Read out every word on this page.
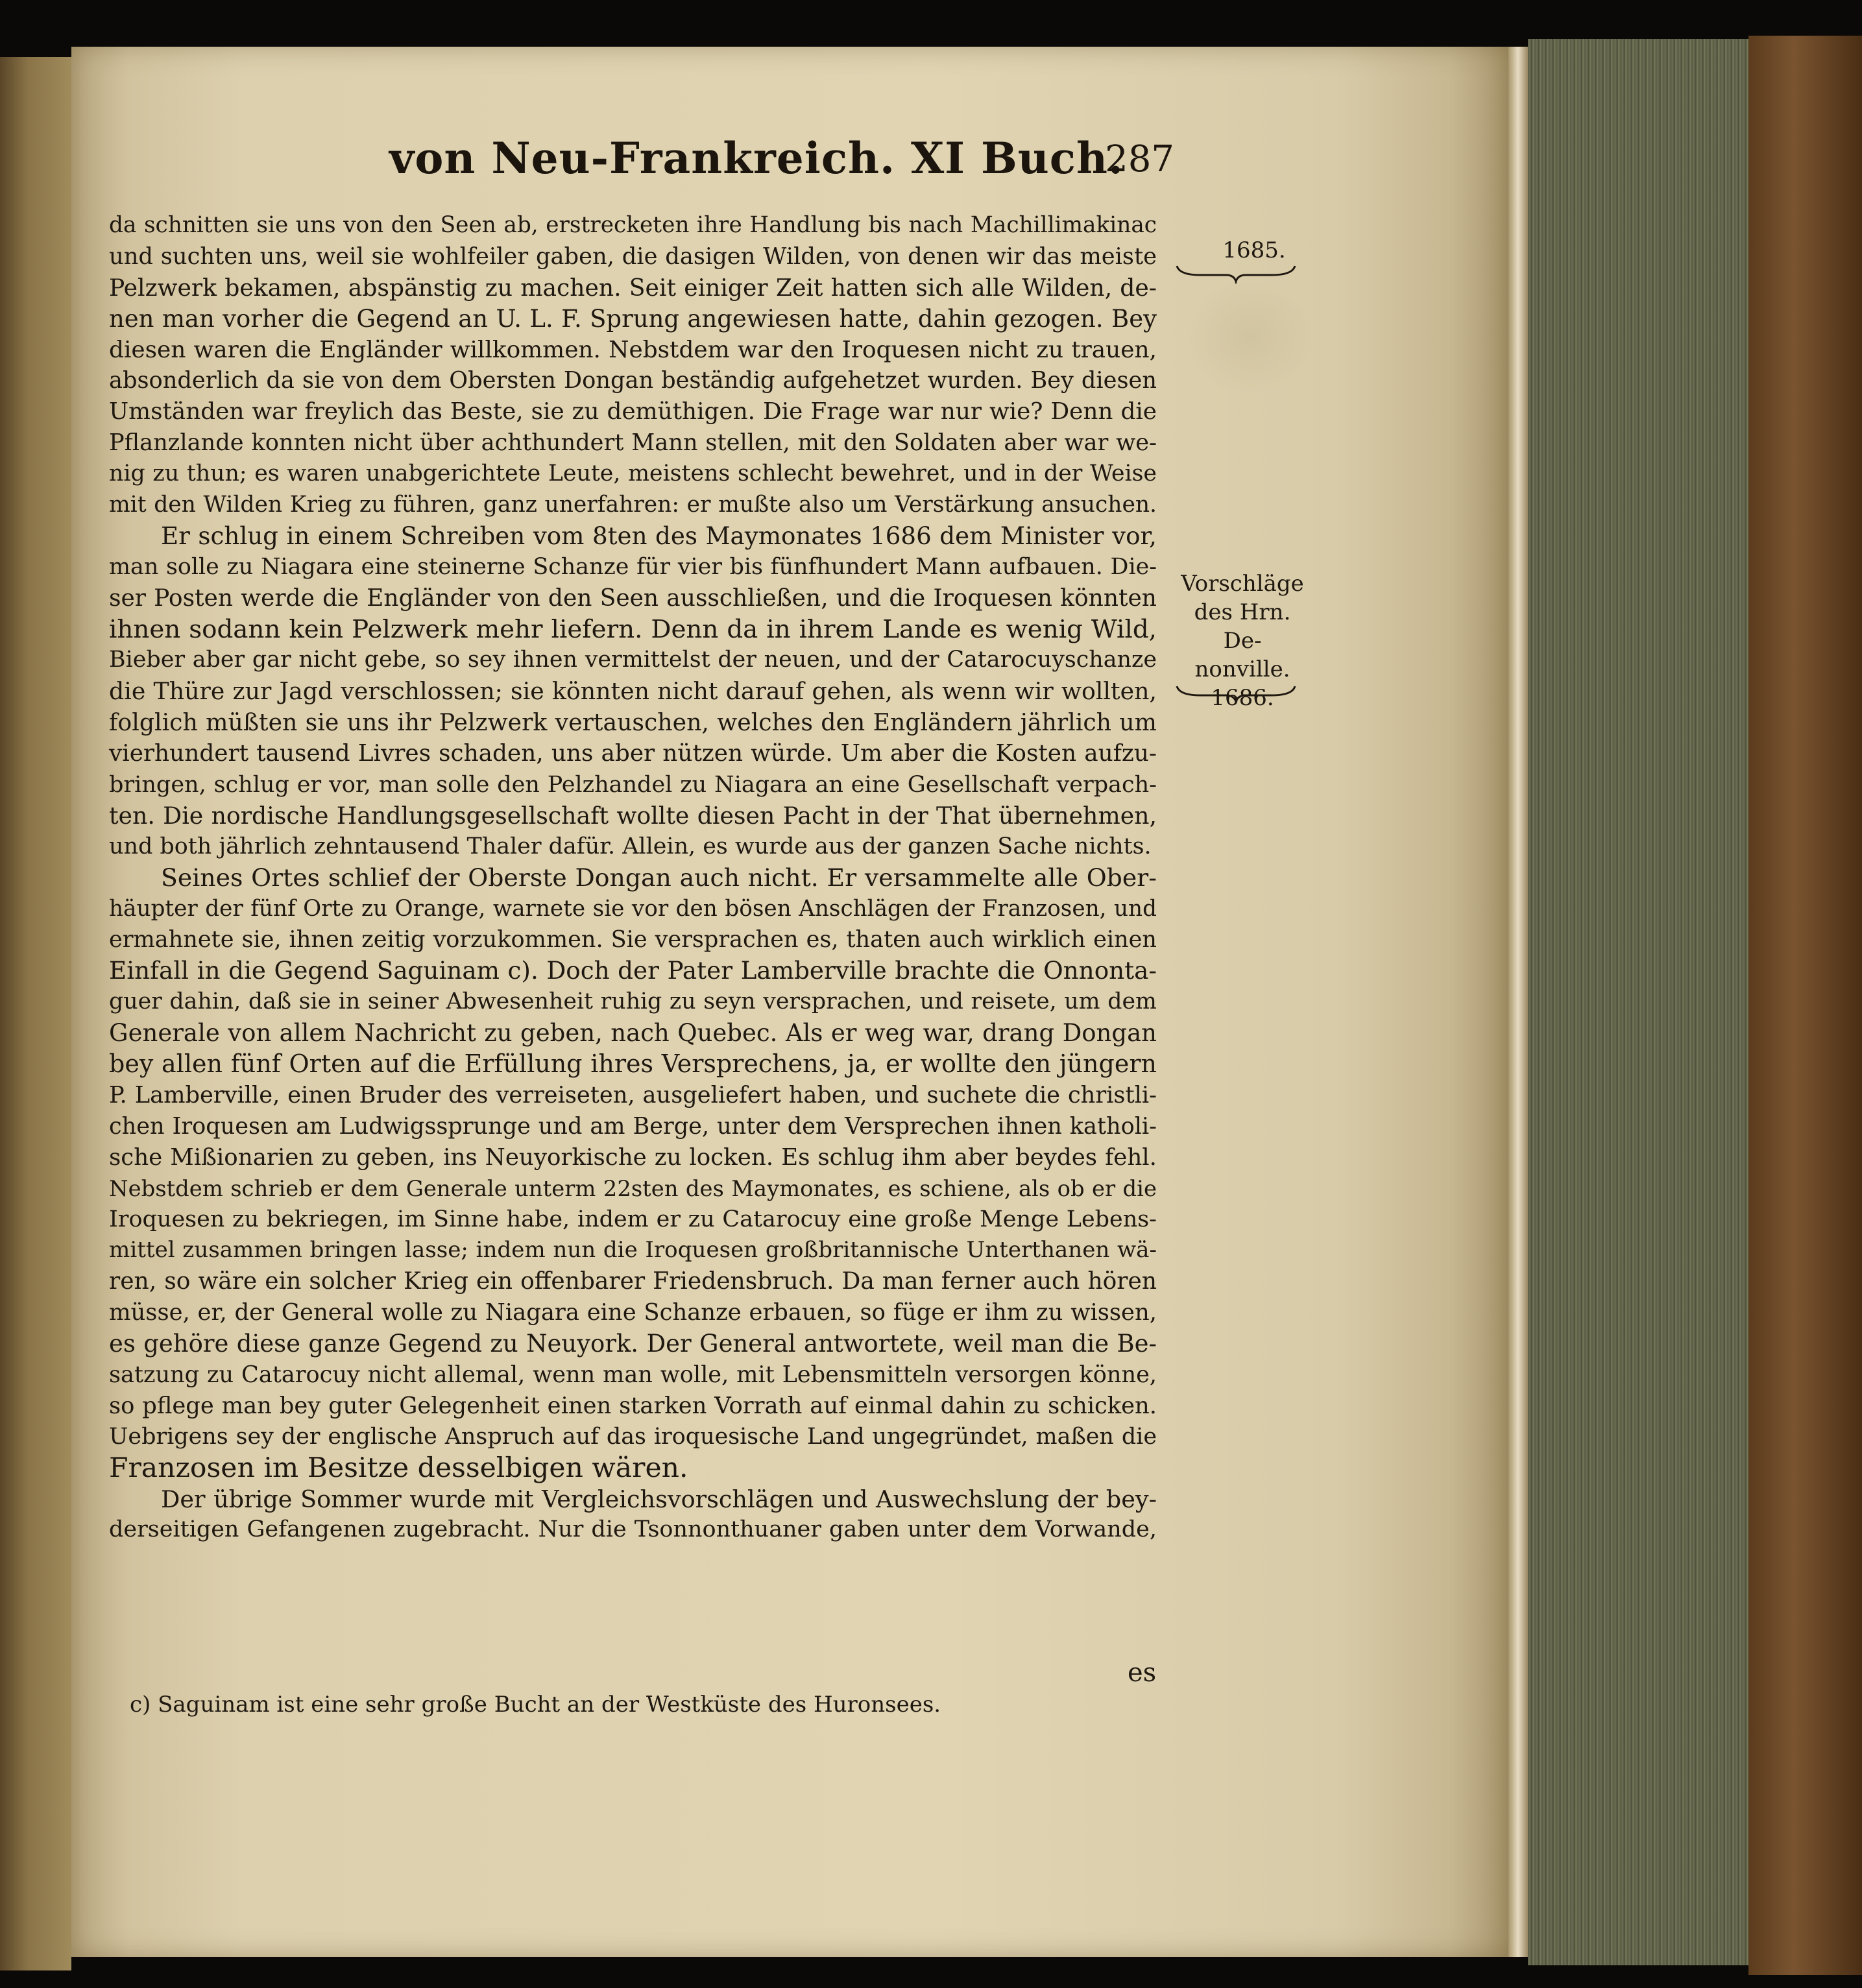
von Neu-Frankreich. XI Buch.
287
da schnitten sie uns von den Seen ab, erstrecketen ihre Handlung bis nach Machillimakinac
und suchten uns, weil sie wohlfeiler gaben, die dasigen Wilden, von denen wir das meiste
Pelzwerk bekamen, abspänstig zu machen. Seit einiger Zeit hatten sich alle Wilden, de-
nen man vorher die Gegend an U. L. F. Sprung angewiesen hatte, dahin gezogen. Bey
diesen waren die Engländer willkommen. Nebstdem war den Iroquesen nicht zu trauen,
absonderlich da sie von dem Obersten Dongan beständig aufgehetzet wurden. Bey diesen
Umständen war freylich das Beste, sie zu demüthigen. Die Frage war nur wie? Denn die
Pflanzlande konnten nicht über achthundert Mann stellen, mit den Soldaten aber war we-
nig zu thun; es waren unabgerichtete Leute, meistens schlecht bewehret, und in der Weise
mit den Wilden Krieg zu führen, ganz unerfahren: er mußte also um Verstärkung ansuchen.
Er schlug in einem Schreiben vom 8ten des Maymonates 1686 dem Minister vor,
man solle zu Niagara eine steinerne Schanze für vier bis fünfhundert Mann aufbauen. Die-
ser Posten werde die Engländer von den Seen ausschließen, und die Iroquesen könnten
ihnen sodann kein Pelzwerk mehr liefern. Denn da in ihrem Lande es wenig Wild,
Bieber aber gar nicht gebe, so sey ihnen vermittelst der neuen, und der Catarocuyschanze
die Thüre zur Jagd verschlossen; sie könnten nicht darauf gehen, als wenn wir wollten,
folglich müßten sie uns ihr Pelzwerk vertauschen, welches den Engländern jährlich um
vierhundert tausend Livres schaden, uns aber nützen würde. Um aber die Kosten aufzu-
bringen, schlug er vor, man solle den Pelzhandel zu Niagara an eine Gesellschaft verpach-
ten. Die nordische Handlungsgesellschaft wollte diesen Pacht in der That übernehmen,
und both jährlich zehntausend Thaler dafür. Allein, es wurde aus der ganzen Sache nichts.
Seines Ortes schlief der Oberste Dongan auch nicht. Er versammelte alle Ober-
häupter der fünf Orte zu Orange, warnete sie vor den bösen Anschlägen der Franzosen, und
ermahnete sie, ihnen zeitig vorzukommen. Sie versprachen es, thaten auch wirklich einen
Einfall in die Gegend Saguinam c). Doch der Pater Lamberville brachte die Onnonta-
guer dahin, daß sie in seiner Abwesenheit ruhig zu seyn versprachen, und reisete, um dem
Generale von allem Nachricht zu geben, nach Quebec. Als er weg war, drang Dongan
bey allen fünf Orten auf die Erfüllung ihres Versprechens, ja, er wollte den jüngern
P. Lamberville, einen Bruder des verreiseten, ausgeliefert haben, und suchete die christli-
chen Iroquesen am Ludwigssprunge und am Berge, unter dem Versprechen ihnen katholi-
sche Mißionarien zu geben, ins Neuyorkische zu locken. Es schlug ihm aber beydes fehl.
Nebstdem schrieb er dem Generale unterm 22sten des Maymonates, es schiene, als ob er die
Iroquesen zu bekriegen, im Sinne habe, indem er zu Catarocuy eine große Menge Lebens-
mittel zusammen bringen lasse; indem nun die Iroquesen großbritannische Unterthanen wä-
ren, so wäre ein solcher Krieg ein offenbarer Friedensbruch. Da man ferner auch hören
müsse, er, der General wolle zu Niagara eine Schanze erbauen, so füge er ihm zu wissen,
es gehöre diese ganze Gegend zu Neuyork. Der General antwortete, weil man die Be-
satzung zu Catarocuy nicht allemal, wenn man wolle, mit Lebensmitteln versorgen könne,
so pflege man bey guter Gelegenheit einen starken Vorrath auf einmal dahin zu schicken.
Uebrigens sey der englische Anspruch auf das iroquesische Land ungegründet, maßen die
Franzosen im Besitze desselbigen wären.
Der übrige Sommer wurde mit Vergleichsvorschlägen und Auswechslung der bey-
derseitigen Gefangenen zugebracht. Nur die Tsonnonthuaner gaben unter dem Vorwande,
es
c) Saguinam ist eine sehr große Bucht an der Westküste des Huronsees.
1685.
Vorschläge
des Hrn. De-
nonville.
1686.
